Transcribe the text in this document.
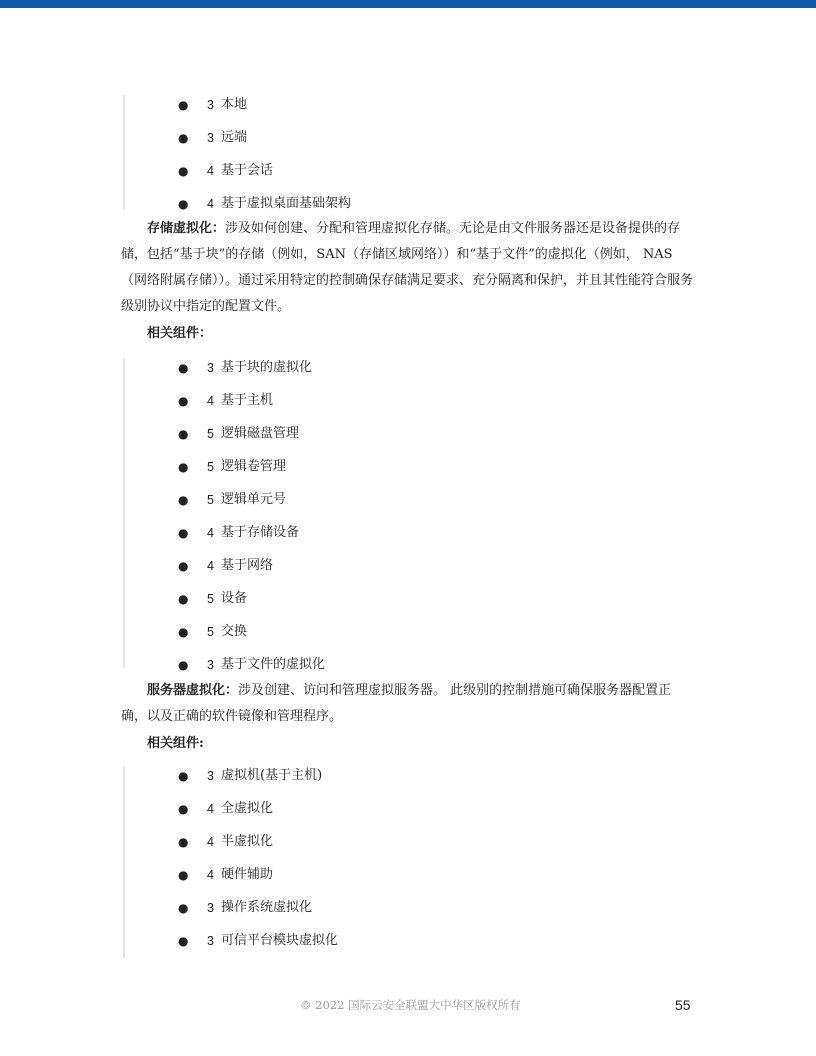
● 3 本地
● 3 远端
● 4 基于会话
● 4 基于虚拟桌面基础架构
存储虚拟化：涉及如何创建、分配和管理虚拟化存储。无论是由文件服务器还是设备提供的存储，包括“基于块”的存储（例如，SAN（存储区域网络））和“基于文件”的虚拟化（例如， NAS（网络附属存储））。通过采用特定的控制确保存储满足要求、充分隔离和保护，并且其性能符合服务级别协议中指定的配置文件。
相关组件：
● 3 基于块的虚拟化
● 4 基于主机
● 5 逻辑磁盘管理
● 5 逻辑卷管理
● 5 逻辑单元号
● 4 基于存储设备
● 4 基于网络
● 5 设备
● 5 交换
● 3 基于文件的虚拟化
服务器虚拟化：涉及创建、访问和管理虚拟服务器。 此级别的控制措施可确保服务器配置正确，以及正确的软件镜像和管理程序。
相关组件:
● 3 虚拟机(基于主机)
● 4 全虚拟化
● 4 半虚拟化
● 4 硬件辅助
● 3 操作系统虚拟化
● 3 可信平台模块虚拟化
© 2022 国际云安全联盟大中华区版权所有	55
